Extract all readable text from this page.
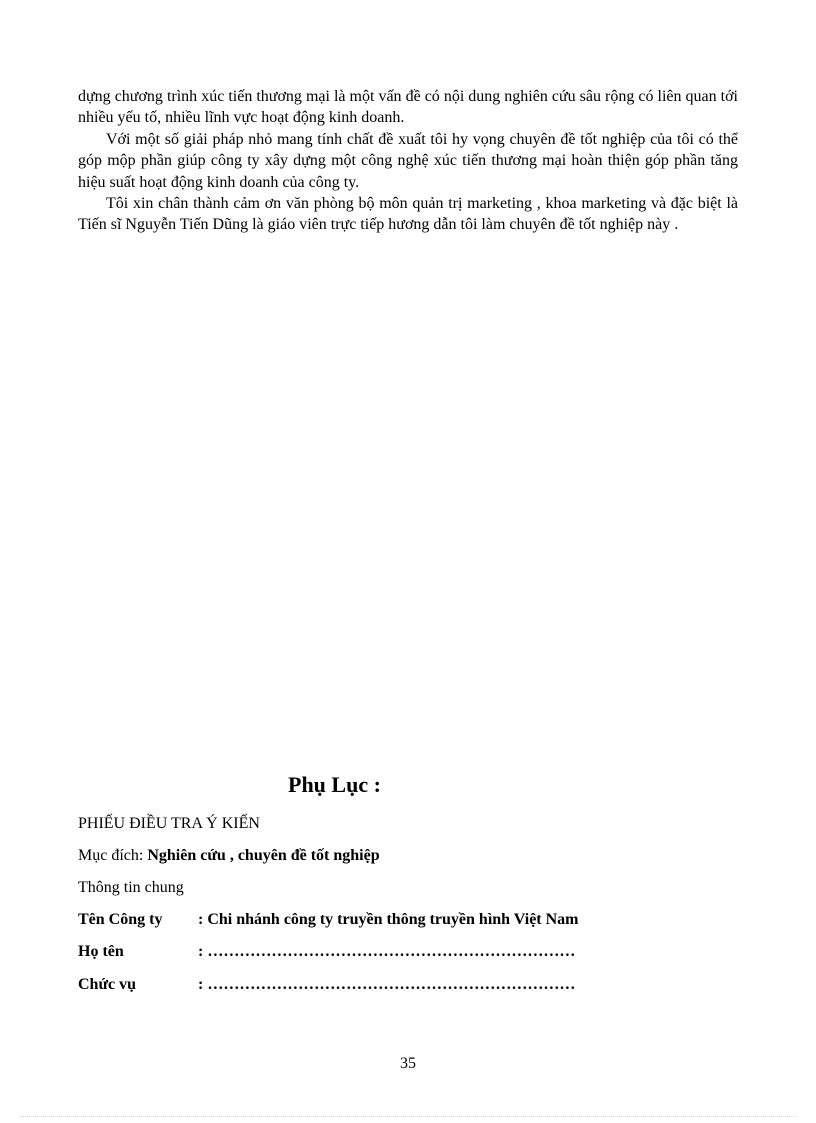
dựng chương trình xúc tiến thương mại là một vấn đề có nội dung nghiên cứu sâu rộng có liên quan tới nhiều yếu tố, nhiều lĩnh vực hoạt động kinh doanh.

Với một số giải pháp nhỏ mang tính chất đề xuất tôi hy vọng chuyên đề tốt nghiệp của tôi có thể góp mộp phần giúp công ty xây dựng một công nghệ xúc tiến thương mại hoàn thiện góp phần tăng hiệu suất hoạt động kinh doanh của công ty.

Tôi xin chân thành cảm ơn văn phòng bộ môn quản trị marketing , khoa marketing và đặc biệt là Tiến sĩ Nguyễn Tiến Dũng là giáo viên trực tiếp hương dẫn tôi làm chuyên đề tốt nghiệp này .

Phụ Lục :
PHIẾU ĐIỀU TRA Ý KIẾN
Mục đích: Nghiên cứu , chuyên đề tốt nghiệp
Thông tin chung
Tên Công ty : Chi nhánh công ty truyền thông truyền hình Việt Nam
Họ tên	: ……………………………………………………………
Chức vụ	: ……………………………………………………………
35
